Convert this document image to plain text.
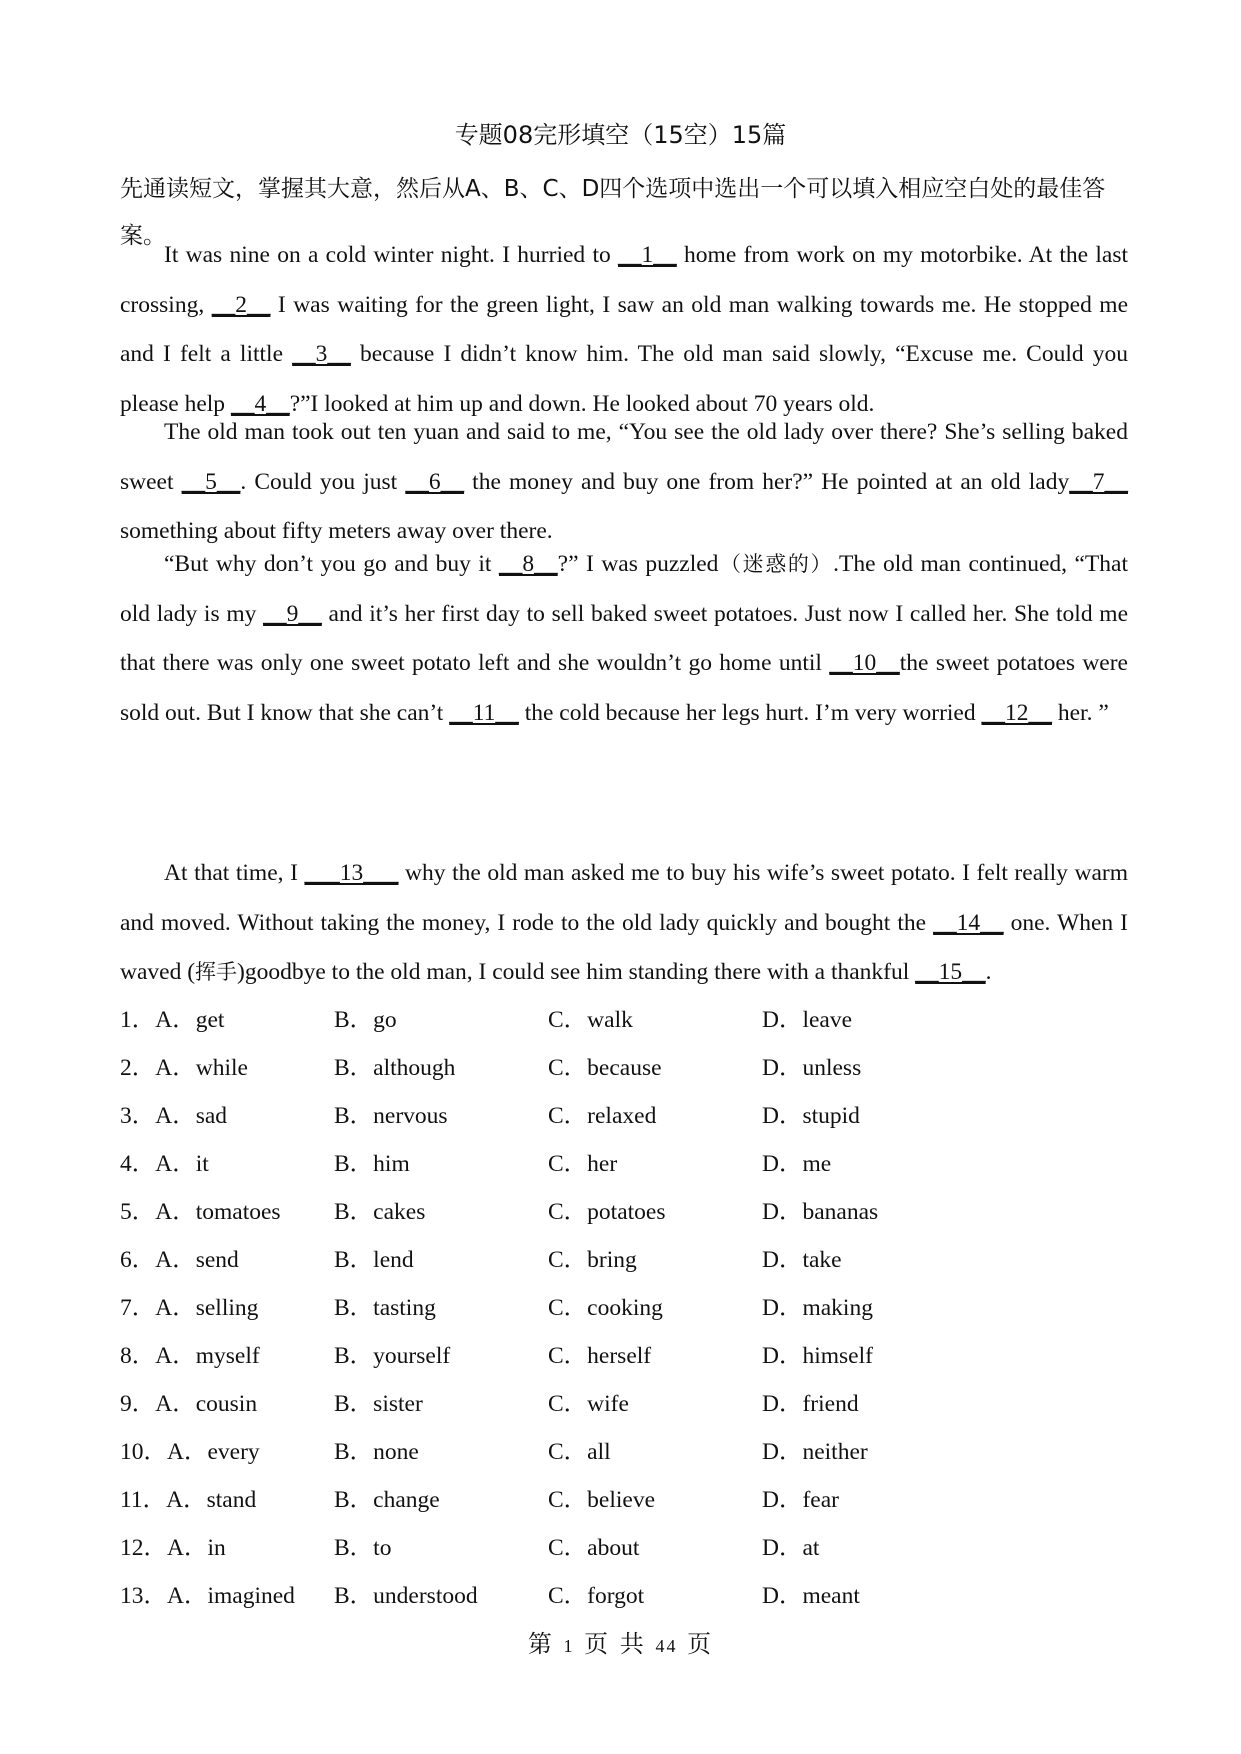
专题08完形填空（15空）15篇
先通读短文，掌握其大意，然后从A、B、C、D四个选项中选出一个可以填入相应空白处的最佳答案。

It was nine on a cold winter night. I hurried to __1__ home from work on my motorbike. At the last crossing, __2__ I was waiting for the green light, I saw an old man walking towards me. He stopped me and I felt a little __3__ because I didn’t know him. The old man said slowly, “Excuse me. Could you please help __4__?”I looked at him up and down. He looked about 70 years old.

The old man took out ten yuan and said to me, “You see the old lady over there? She’s selling baked sweet __5__. Could you just __6__ the money and buy one from her?” He pointed at an old lady__7__ something about fifty meters away over there.

“But why don’t you go and buy it __8__?” I was puzzled（迷惑的）.The old man continued, “That old lady is my __9__ and it’s her first day to sell baked sweet potatoes. Just now I called her. She told me that there was only one sweet potato left and she wouldn’t go home until __10__the sweet potatoes were sold out. But I know that she can’t __11__ the cold because her legs hurt. I’m very worried __12__ her. ”

At that time, I ___13___ why the old man asked me to buy his wife’s sweet potato. I felt really warm and moved. Without taking the money, I rode to the old lady quickly and bought the __14__ one. When I waved (挥手)goodbye to the old man, I could see him standing there with a thankful __15__.

1．A．get	B．go	C．walk	D．leave
2．A．while	B．although	C．because	D．unless
3．A．sad	B．nervous	C．relaxed	D．stupid
4．A．it	B．him	C．her	D．me
5．A．tomatoes B．cakes	C．potatoes	D．bananas
6．A．send	B．lend	C．bring	D．take
7．A．selling	B．tasting	C．cooking	D．making
8．A．myself	B．yourself	C．herself	D．himself
9．A．cousin	B．sister	C．wife	D．friend
10．A．every	B．none	C．all	D．neither
11．A．stand	B．change	C．believe	D．fear
12．A．in	B．to	C．about	D．at
13．A．imagined B．understood	C．forgot	D．meant
第 1 页 共 44 页
